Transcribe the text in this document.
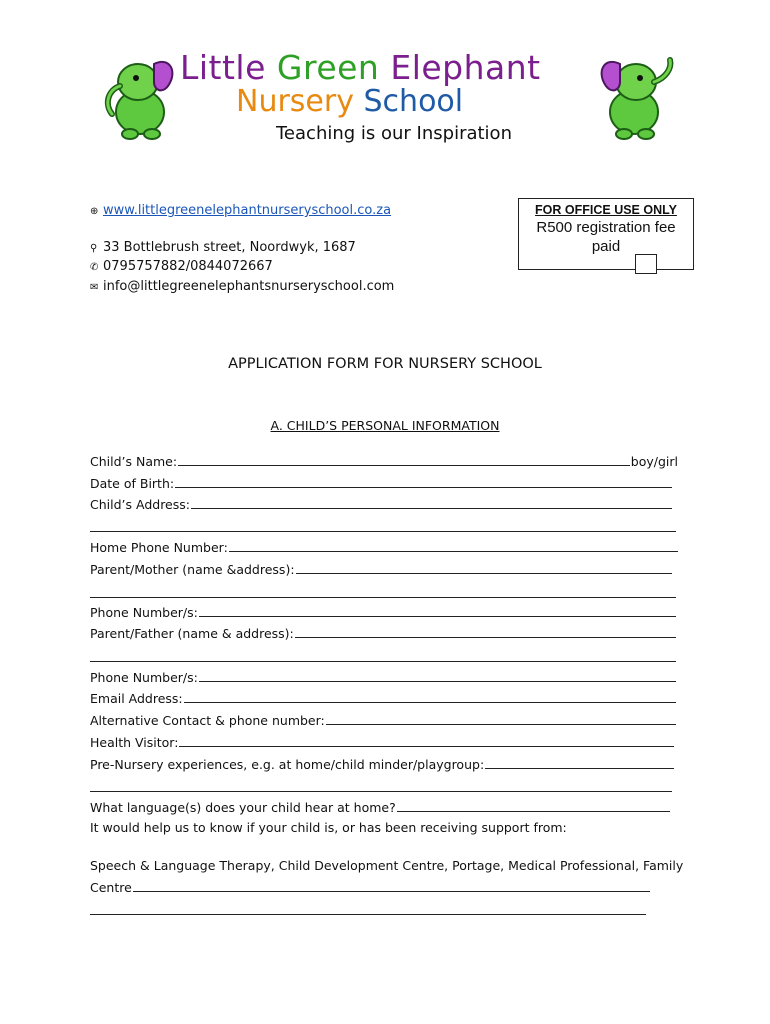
Little Green Elephant
Nursery School
Teaching is our Inspiration
⊕ www.littlegreenelephantnurseryschool.co.za
⚲ 33 Bottlebrush street, Noordwyk, 1687
✆ 0795757882/0844072667
✉ info@littlegreenelephantsnurseryschool.com
FOR OFFICE USE ONLY
R500 registration fee
paid
APPLICATION FORM FOR NURSERY SCHOOL
A. CHILD’S PERSONAL INFORMATION
Child’s Name:	boy/girl
Date of Birth:
Child’s Address:
Home Phone Number:
Parent/Mother (name &address):
Phone Number/s:
Parent/Father (name & address):
Phone Number/s:
Email Address:
Alternative Contact & phone number:
Health Visitor:
Pre-Nursery experiences, e.g. at home/child minder/playgroup:
What language(s) does your child hear at home?
It would help us to know if your child is, or has been receiving support from:
Speech & Language Therapy, Child Development Centre, Portage, Medical Professional, Family
Centre
